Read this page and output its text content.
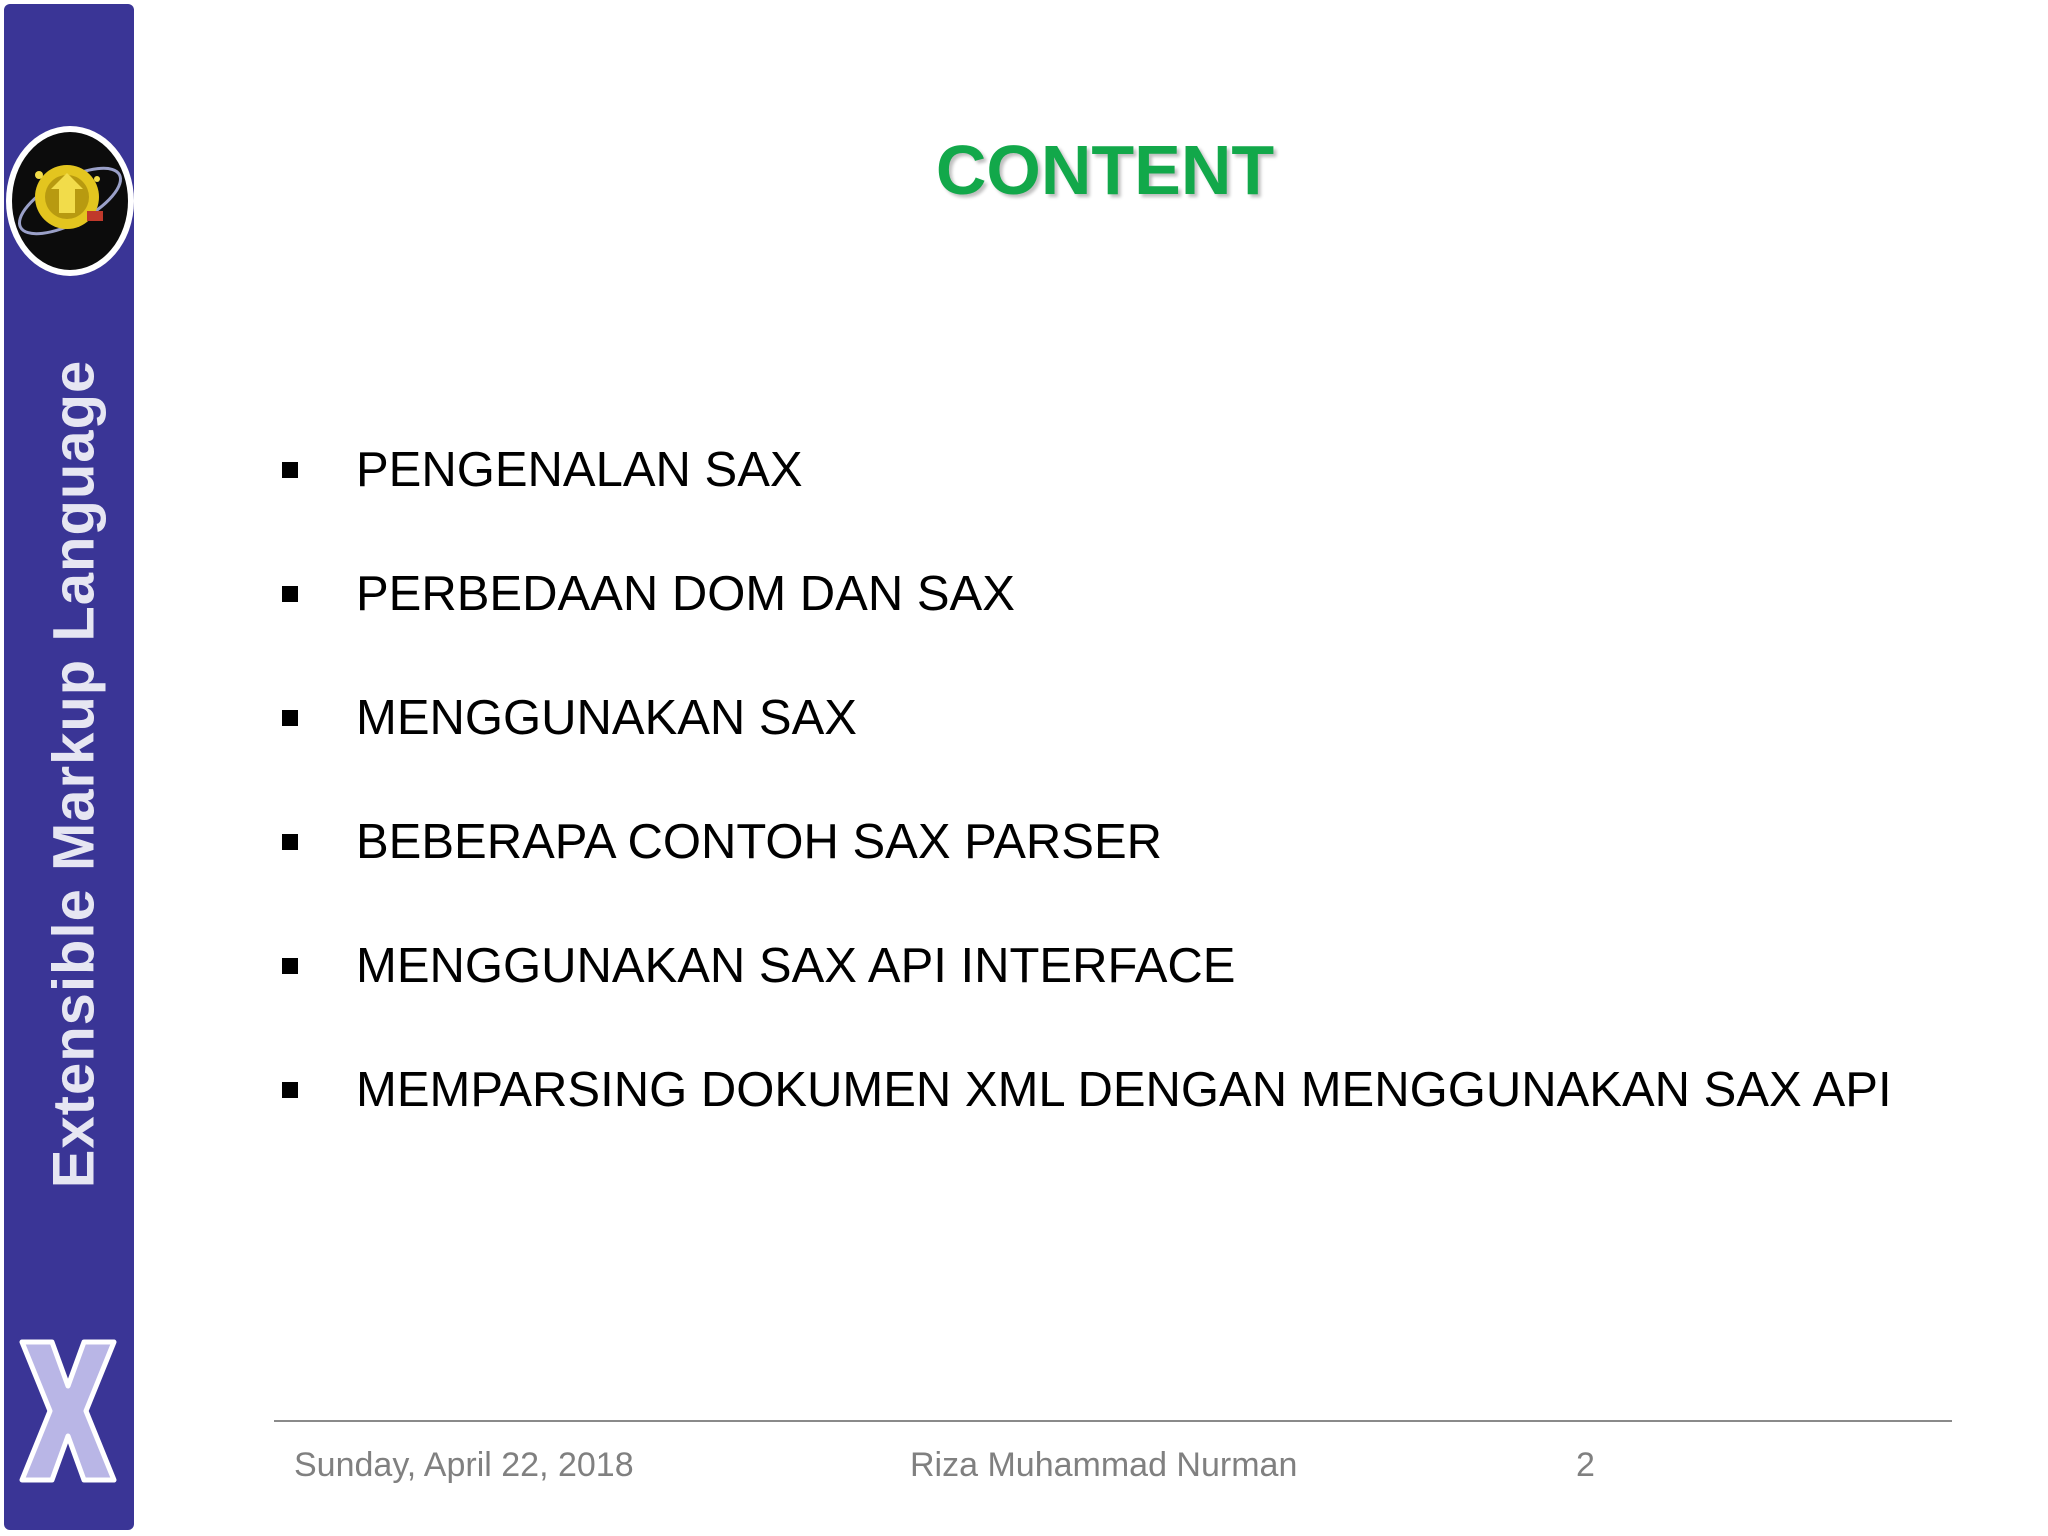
Extensible Markup Language
CONTENT
PENGENALAN SAX
PERBEDAAN DOM DAN SAX
MENGGUNAKAN SAX
BEBERAPA CONTOH SAX PARSER
MENGGUNAKAN SAX API INTERFACE
MEMPARSING DOKUMEN XML DENGAN MENGGUNAKAN SAX API
Sunday, April 22, 2018	Riza Muhammad Nurman	2
